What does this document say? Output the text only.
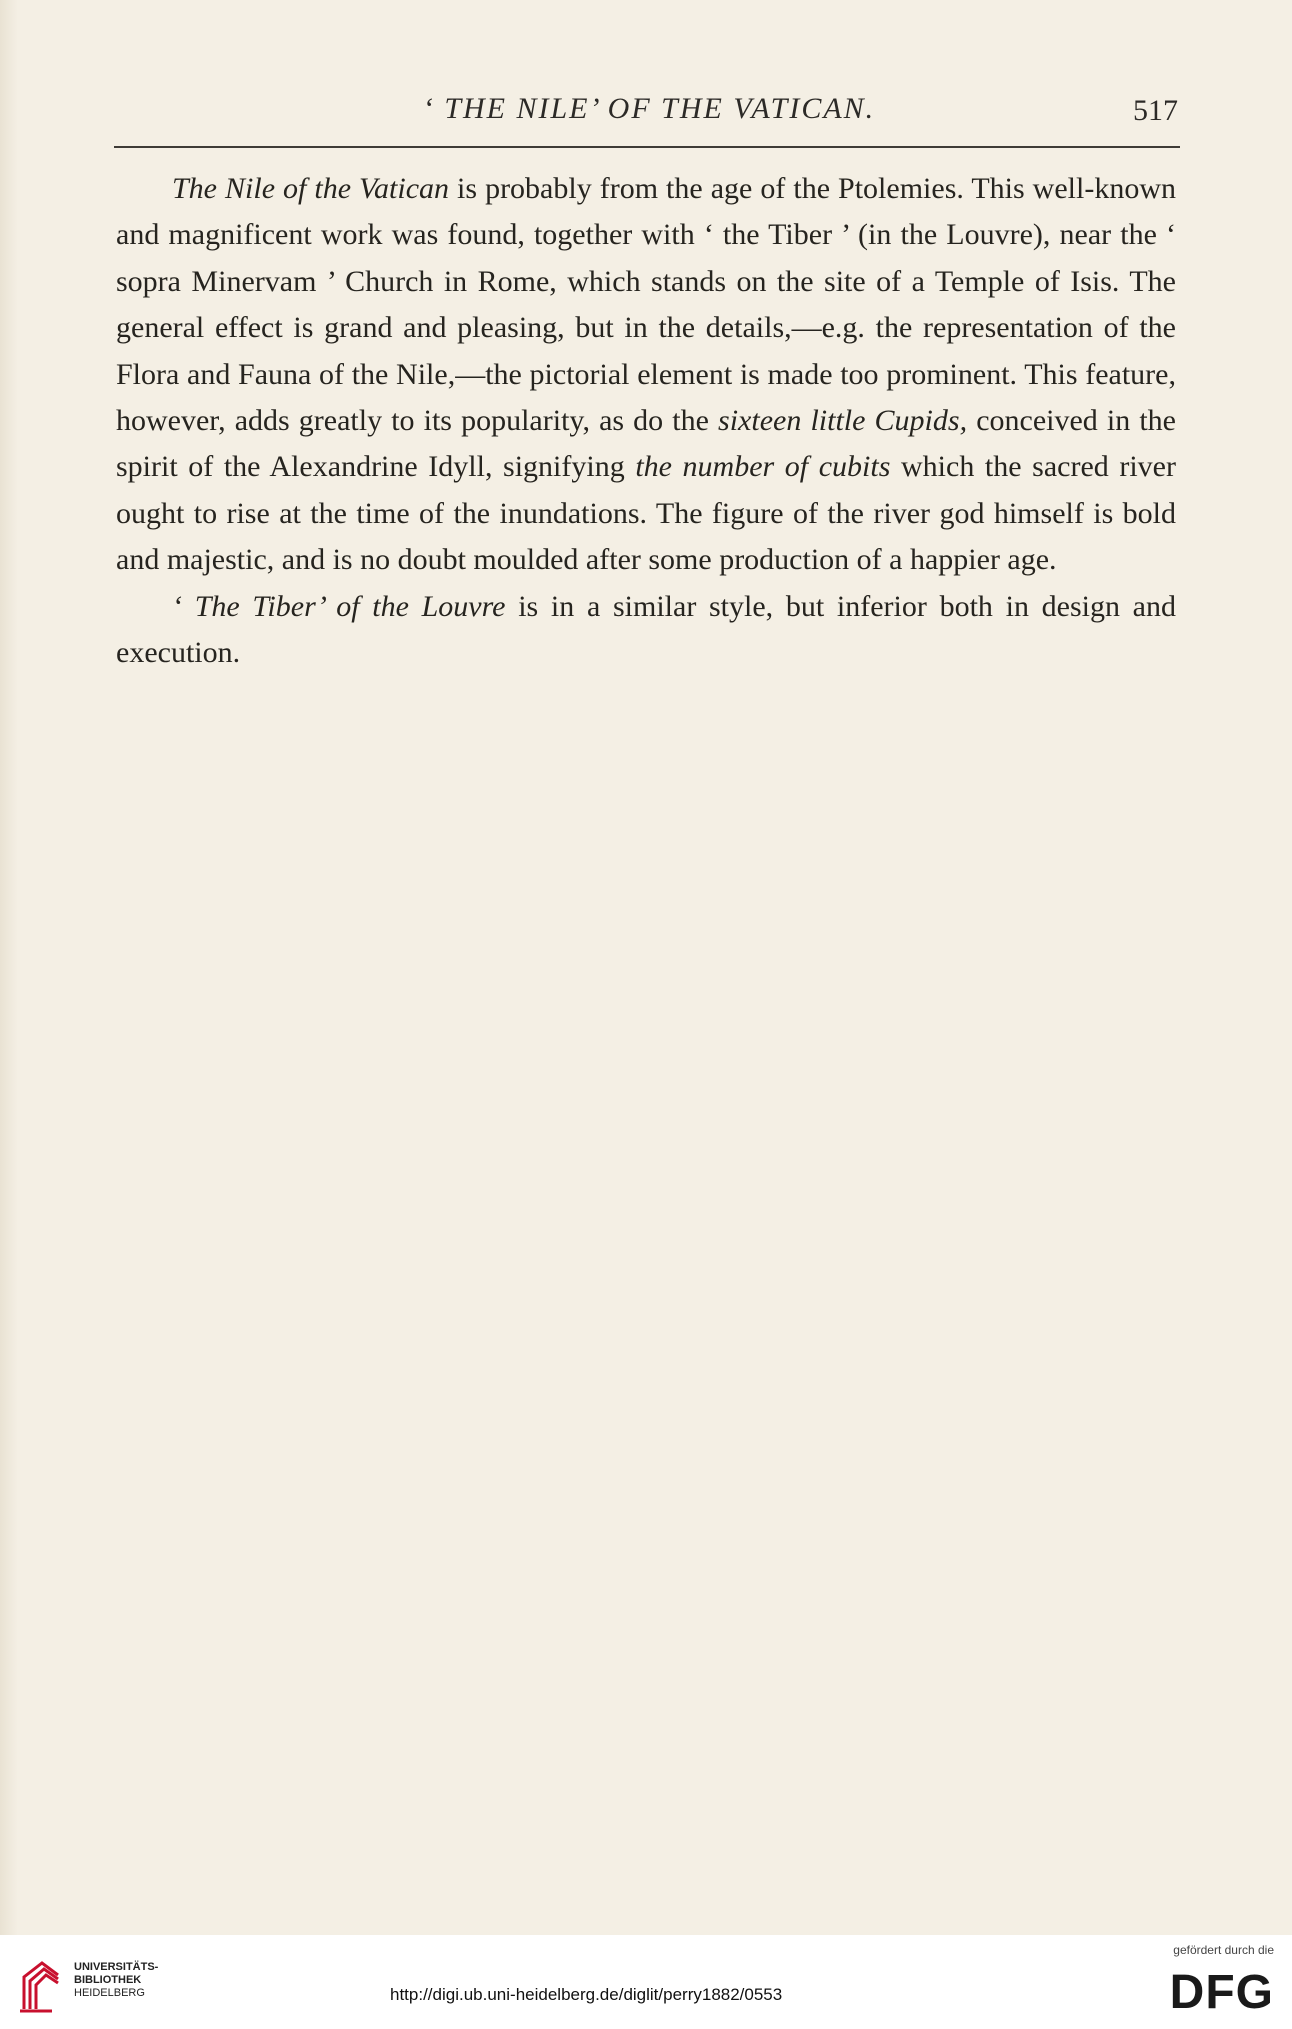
‘ THE NILE’ OF THE VATICAN.	517

The Nile of the Vatican is probably from the age of the Ptolemies. This well-known and magnificent work was found, together with ‘ the Tiber ’ (in the Louvre), near the ‘ sopra Minervam ’ Church in Rome, which stands on the site of a Temple of Isis. The general effect is grand and pleasing, but in the details,—e.g. the representation of the Flora and Fauna of the Nile,—the pictorial element is made too prominent. This feature, however, adds greatly to its popularity, as do the sixteen little Cupids, conceived in the spirit of the Alexandrine Idyll, signifying the number of cubits which the sacred river ought to rise at the time of the inundations. The figure of the river god himself is bold and majestic, and is no doubt moulded after some production of a happier age.

‘ The Tiber’ of the Louvre is in a similar style, but inferior both in design and execution.

UNIVERSITÄTS-
BIBLIOTHEK
HEIDELBERG	http://digi.ub.uni-heidelberg.de/diglit/perry1882/0553
gefördert durch die
DFG
